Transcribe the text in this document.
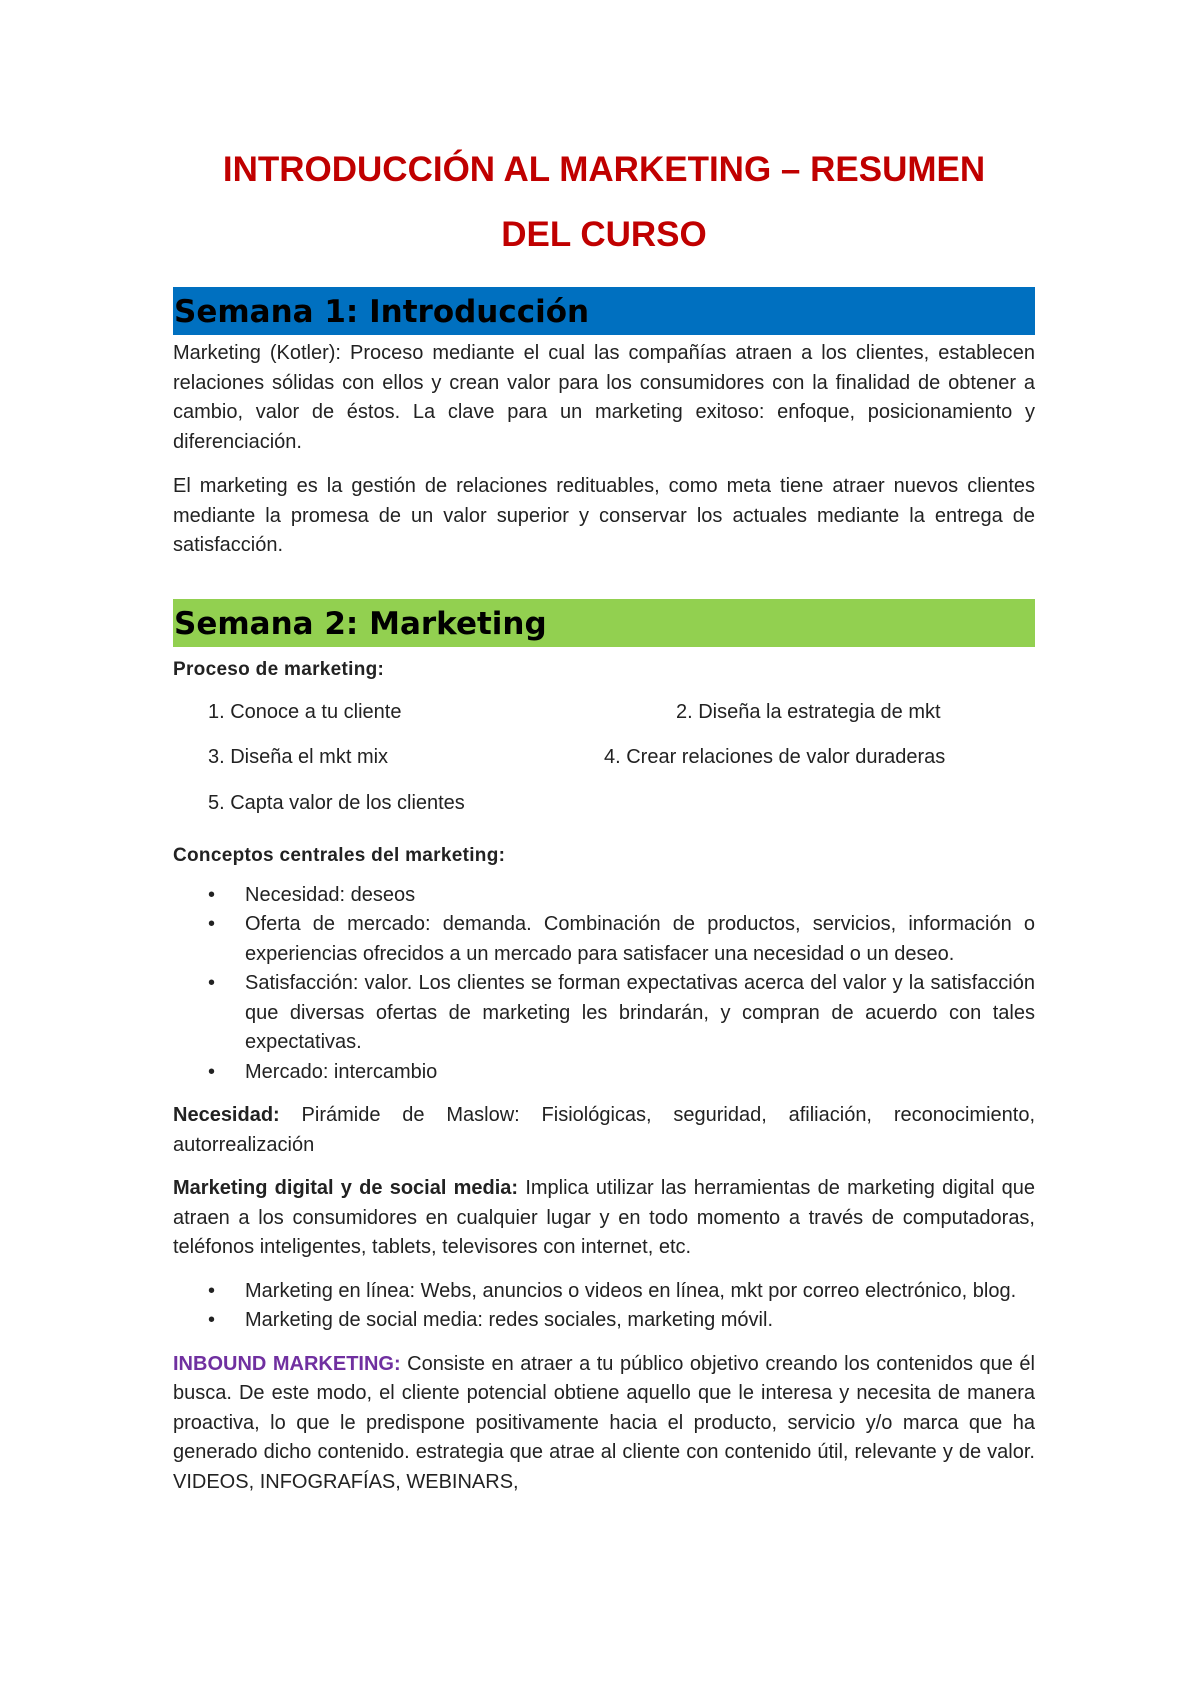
INTRODUCCIÓN AL MARKETING – RESUMEN
DEL CURSO
Semana 1: Introducción

Marketing (Kotler): Proceso mediante el cual las compañías atraen a los clientes, establecen relaciones sólidas con ellos y crean valor para los consumidores con la finalidad de obtener a cambio, valor de éstos. La clave para un marketing exitoso: enfoque, posicionamiento y diferenciación.

El marketing es la gestión de relaciones redituables, como meta tiene atraer nuevos clientes mediante la promesa de un valor superior y conservar los actuales mediante la entrega de satisfacción.

Semana 2: Marketing

Proceso de marketing:

1. Conoce a tu cliente	2. Diseña la estrategia de mkt
3. Diseña el mkt mix	4. Crear relaciones de valor duraderas
5. Capta valor de los clientes

Conceptos centrales del marketing:

• Necesidad: deseos
• Oferta de mercado: demanda. Combinación de productos, servicios, información o experiencias ofrecidos a un mercado para satisfacer una necesidad o un deseo.
• Satisfacción: valor. Los clientes se forman expectativas acerca del valor y la satisfacción que diversas ofertas de marketing les brindarán, y compran de acuerdo con tales expectativas.
• Mercado: intercambio

Necesidad: Pirámide de Maslow: Fisiológicas, seguridad, afiliación, reconocimiento, autorrealización

Marketing digital y de social media: Implica utilizar las herramientas de marketing digital que atraen a los consumidores en cualquier lugar y en todo momento a través de computadoras, teléfonos inteligentes, tablets, televisores con internet, etc.

• Marketing en línea: Webs, anuncios o videos en línea, mkt por correo electrónico, blog.
• Marketing de social media: redes sociales, marketing móvil.

INBOUND MARKETING: Consiste en atraer a tu público objetivo creando los contenidos que él busca. De este modo, el cliente potencial obtiene aquello que le interesa y necesita de manera proactiva, lo que le predispone positivamente hacia el producto, servicio y/o marca que ha generado dicho contenido. estrategia que atrae al cliente con contenido útil, relevante y de valor. VIDEOS, INFOGRAFÍAS, WEBINARS,
